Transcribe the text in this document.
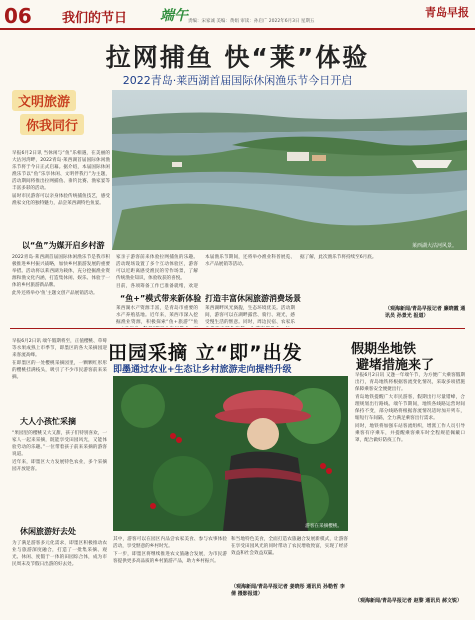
06 我们的节日 端午 责编：宋家诚 美编：黄娟 审读：孙启广 2022年6月3日 星期五
青岛早报
拉网捕鱼 快“莱”体验
2022青岛·莱西湖首届国际休闲渔乐节今日开启
文明旅游
你我同行
莱西湖大沽河风景。

早报6月2日讯 当休闲与“鱼”乐相遇，在美丽的大沽河湾畔，2022青岛·莱西湖首届国际休闲渔乐节将于今日正式启幕。据介绍，本届国际休闲渔乐节以“鱼”乐享休闲、文明伴我行”为主题，活动期间将推出拉网捕鱼、垂钓比赛、渔家宴等丰富多彩的活动。

届时市民游客可以亲身体验传统捕鱼技艺，感受渔家文化的独特魅力，品尝莱西湖特色鱼宴。

以“鱼”为媒开启乡村游

2022青岛·莱西湖首届国际休闲渔乐节是我市积极推进乡村振兴战略，加快乡村旅游发展的重要举措。活动将以莱西湖为载体，充分挖掘渔业资源和渔文化内涵，打造集休闲、娱乐、体验于一体的乡村旅游新品牌。

此外还将举办‘鱼’主题文创产品展销活动。

家亲子游客前来体验拉网捕鱼的乐趣。活动现场设置了多个互动体验区，游客可以近距离感受渔民的劳作场景，了解传统渔业知识，体验收获的喜悦。

目前，各项筹备工作已准备就绪，欢迎

“鱼+”模式带来新体验

莱西湖水产资源丰富，是青岛市重要的水产养殖基地。近年来，莱西市深入挖掘渔业资源，积极探索“鱼+旅游”“鱼

打造丰富休闲旅游消费场景

本届渔乐节期间，还将举办渔业科普展览、水产品展销等活动。

莱西湖畔风光旖旎，生态环境优美。活动期间，游客可以在湖畔露营、骑行、观光，感受慢生活的惬意。同时，周边民宿、农家乐

据了解，此次渔乐节将持续至6月底。

（观海新闻/青岛早报记者 廉晓霞 通讯员 孙景光 报道）
田园采摘 立“即”出发
即墨通过农业+生态让乡村旅游走向提档升级

早报6月2日讯 端午假期将至，正值樱桃、草莓等水果成熟上市季节，即墨区的各大采摘园迎来客流高峰。

在即墨区的一处樱桃采摘园里，一颗颗红彤彤的樱桃挂满枝头，吸引了不少市民游客前来采摘。

大人小孩忙采摘

“果园里的樱桃又大又甜，孩子们特别喜欢，一家人一起来采摘，既能享受田园风光，又能体验劳动的乐趣。”一位带着孩子前来采摘的游客说道。

近年来，即墨区大力发展特色农业，多个采摘园开放迎客。

休闲旅游好去处

为了满足游客多元化需求，即墨区积极推动农业与旅游深度融合，打造了一批集采摘、观光、休闲、度假于一体的田园综合体，成为市民周末及节假日出游的好去处。

游客在采摘樱桃。

其中，游客可以在园区内品尝农家美食、参与农事体验活动，享受惬意的乡村时光。

下一步，即墨区将继续推进农文旅融合发展，为市民游客提供更多高品质的乡村旅游产品，助力乡村振兴。

和当地特色美食，全面打造农旅融合发展新模式，让游客在享受田园风光的同时带动了农民增收致富，实现了经济效益和社会效益双赢。

（观海新闻/青岛早报记者 姜晓彤 通讯员 孙勒哲 李倩 摄影报道）
假期坐地铁
避堵措施来了

早报6月2日讯 又逢一年端午节，为方便广大乘客假期出行，青岛地铁将根据客流变化情况，采取多项措施保障乘客安全便捷出行。

青岛地铁提醒广大市民游客，假期出行尽量错峰，合理规划出行路线。端午节期间，地铁各线路运营时间保持不变，部分线路将根据客流情况适时加开列车，缩短行车间隔，全力满足乘客出行需求。

同时，地铁将加强车站客流组织，增派工作人员引导乘客有序乘车，并提醒乘客乘车时全程规范佩戴口罩，配合做好防疫工作。

（观海新闻/青岛早报记者 赵黎 通讯员 郝文锐）
